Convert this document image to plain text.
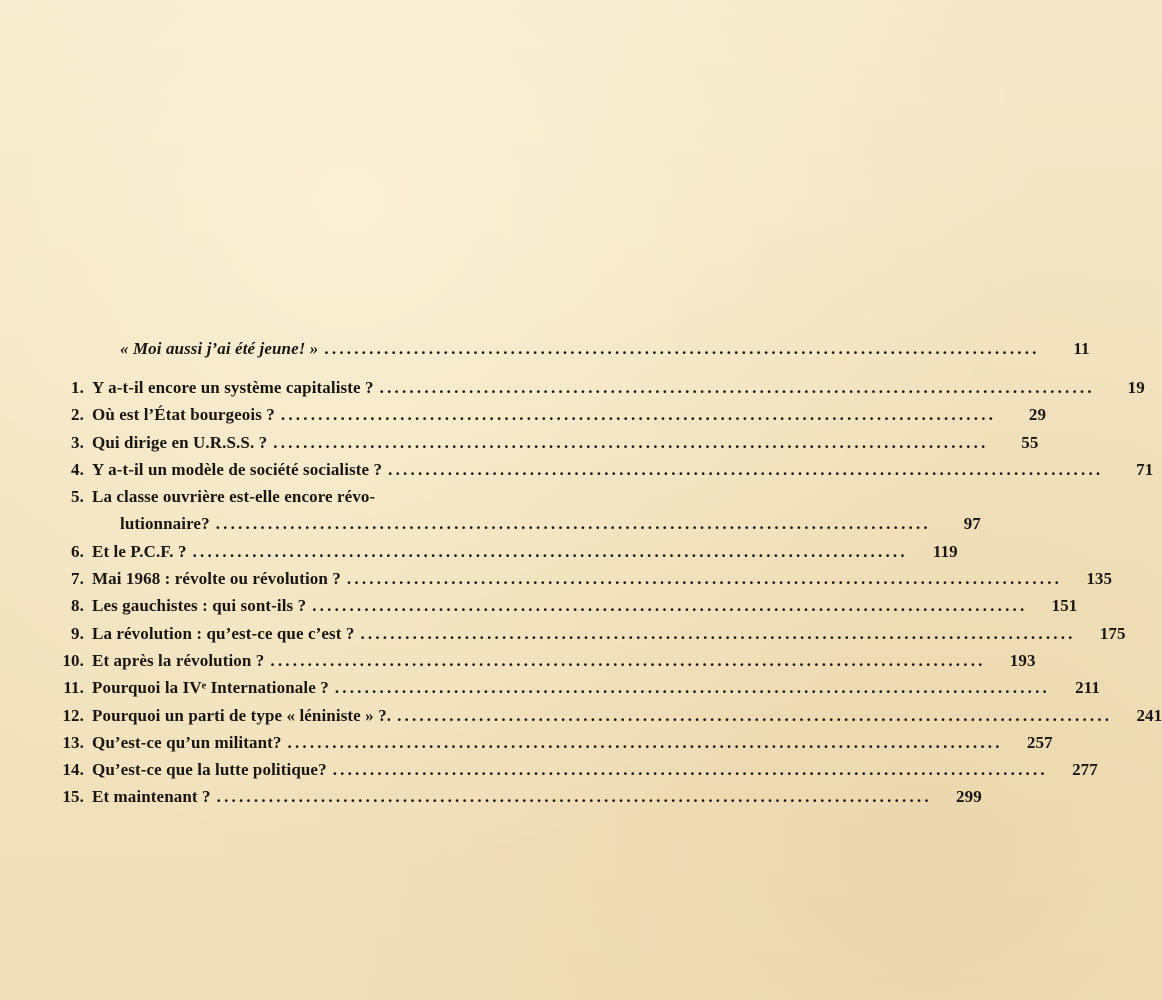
« Moi aussi j’ai été jeune! » .....	11
1. Y a-t-il encore un système capitaliste ? .....	19
2. Où est l’État bourgeois ? .....	29
3. Qui dirige en U.R.S.S. ? .....	55
4. Y a-t-il un modèle de société socialiste ? .....	71
5. La classe ouvrière est-elle encore révo-
lutionnaire? .....	97
6. Et le P.C.F. ? .....	119
7. Mai 1968 : révolte ou révolution ? .....	135
8. Les gauchistes : qui sont-ils ? .....	151
9. La révolution : qu’est-ce que c’est ? .....	175
10. Et après la révolution ? .....	193
11. Pourquoi la IVᵉ Internationale ? .....	211
12. Pourquoi un parti de type « léniniste » ?. .....	241
13. Qu’est-ce qu’un militant? .....	257
14. Qu’est-ce que la lutte politique? .....	277
15. Et maintenant ? .....	299
